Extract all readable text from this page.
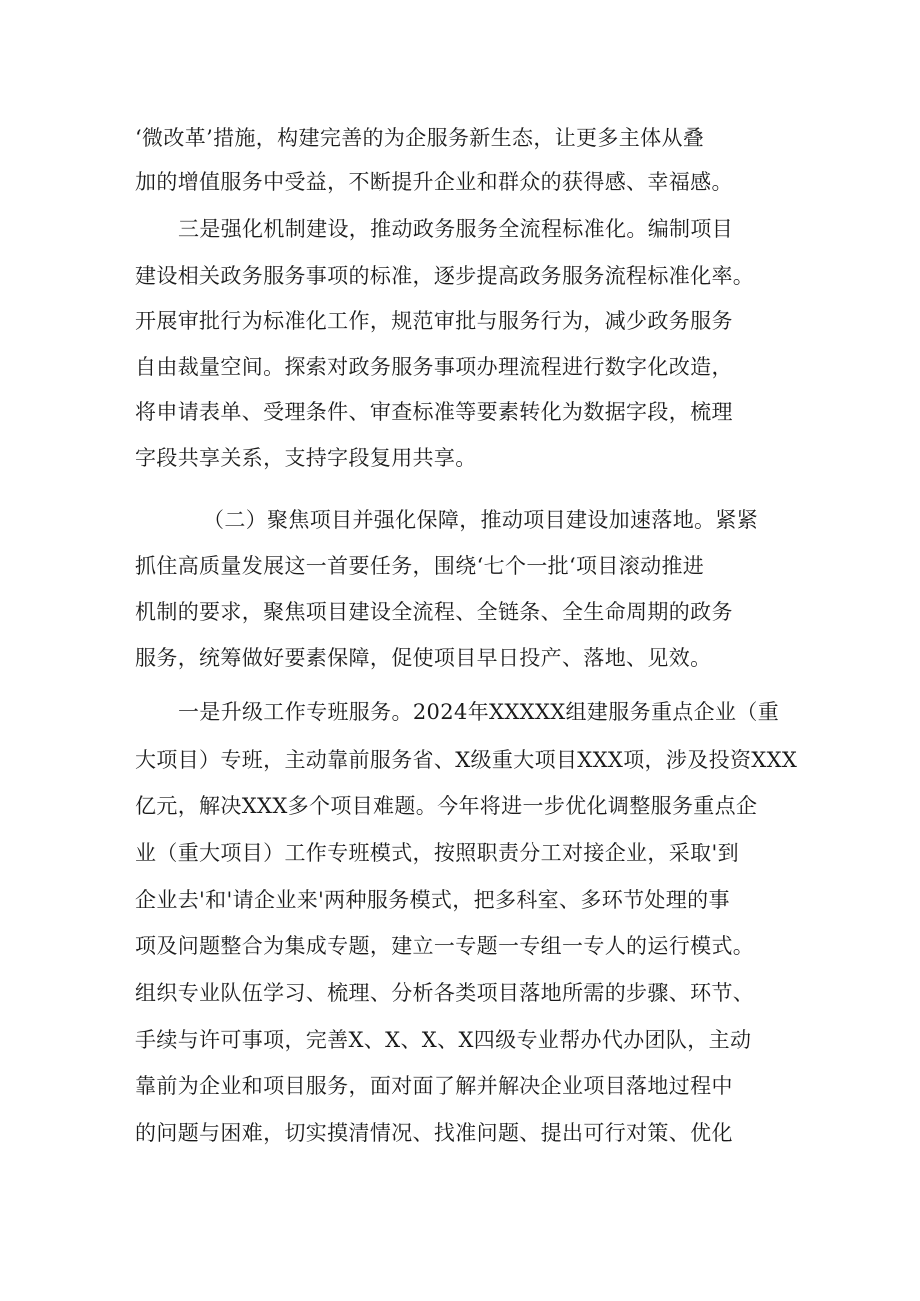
‘微改革’措施，构建完善的为企服务新生态，让更多主体从叠
加的增值服务中受益，不断提升企业和群众的获得感、幸福感。
三是强化机制建设，推动政务服务全流程标准化。编制项目
建设相关政务服务事项的标准，逐步提高政务服务流程标准化率。
开展审批行为标准化工作，规范审批与服务行为，减少政务服务
自由裁量空间。探索对政务服务事项办理流程进行数字化改造，
将申请表单、受理条件、审查标准等要素转化为数据字段，梳理
字段共享关系，支持字段复用共享。
（二）聚焦项目并强化保障，推动项目建设加速落地。紧紧
抓住高质量发展这一首要任务，围绕‘七个一批‘项目滚动推进
机制的要求，聚焦项目建设全流程、全链条、全生命周期的政务
服务，统筹做好要素保障，促使项目早日投产、落地、见效。
一是升级工作专班服务。2024年XXXXX组建服务重点企业（重
大项目）专班，主动靠前服务省、X级重大项目XXX项，涉及投资XXX
亿元，解决XXX多个项目难题。今年将进一步优化调整服务重点企
业（重大项目）工作专班模式，按照职责分工对接企业，采取'到
企业去'和'请企业来'两种服务模式，把多科室、多环节处理的事
项及问题整合为集成专题，建立一专题一专组一专人的运行模式。
组织专业队伍学习、梳理、分析各类项目落地所需的步骤、环节、
手续与许可事项，完善X、X、X、X四级专业帮办代办团队，主动
靠前为企业和项目服务，面对面了解并解决企业项目落地过程中
的问题与困难，切实摸清情况、找准问题、提出可行对策、优化
